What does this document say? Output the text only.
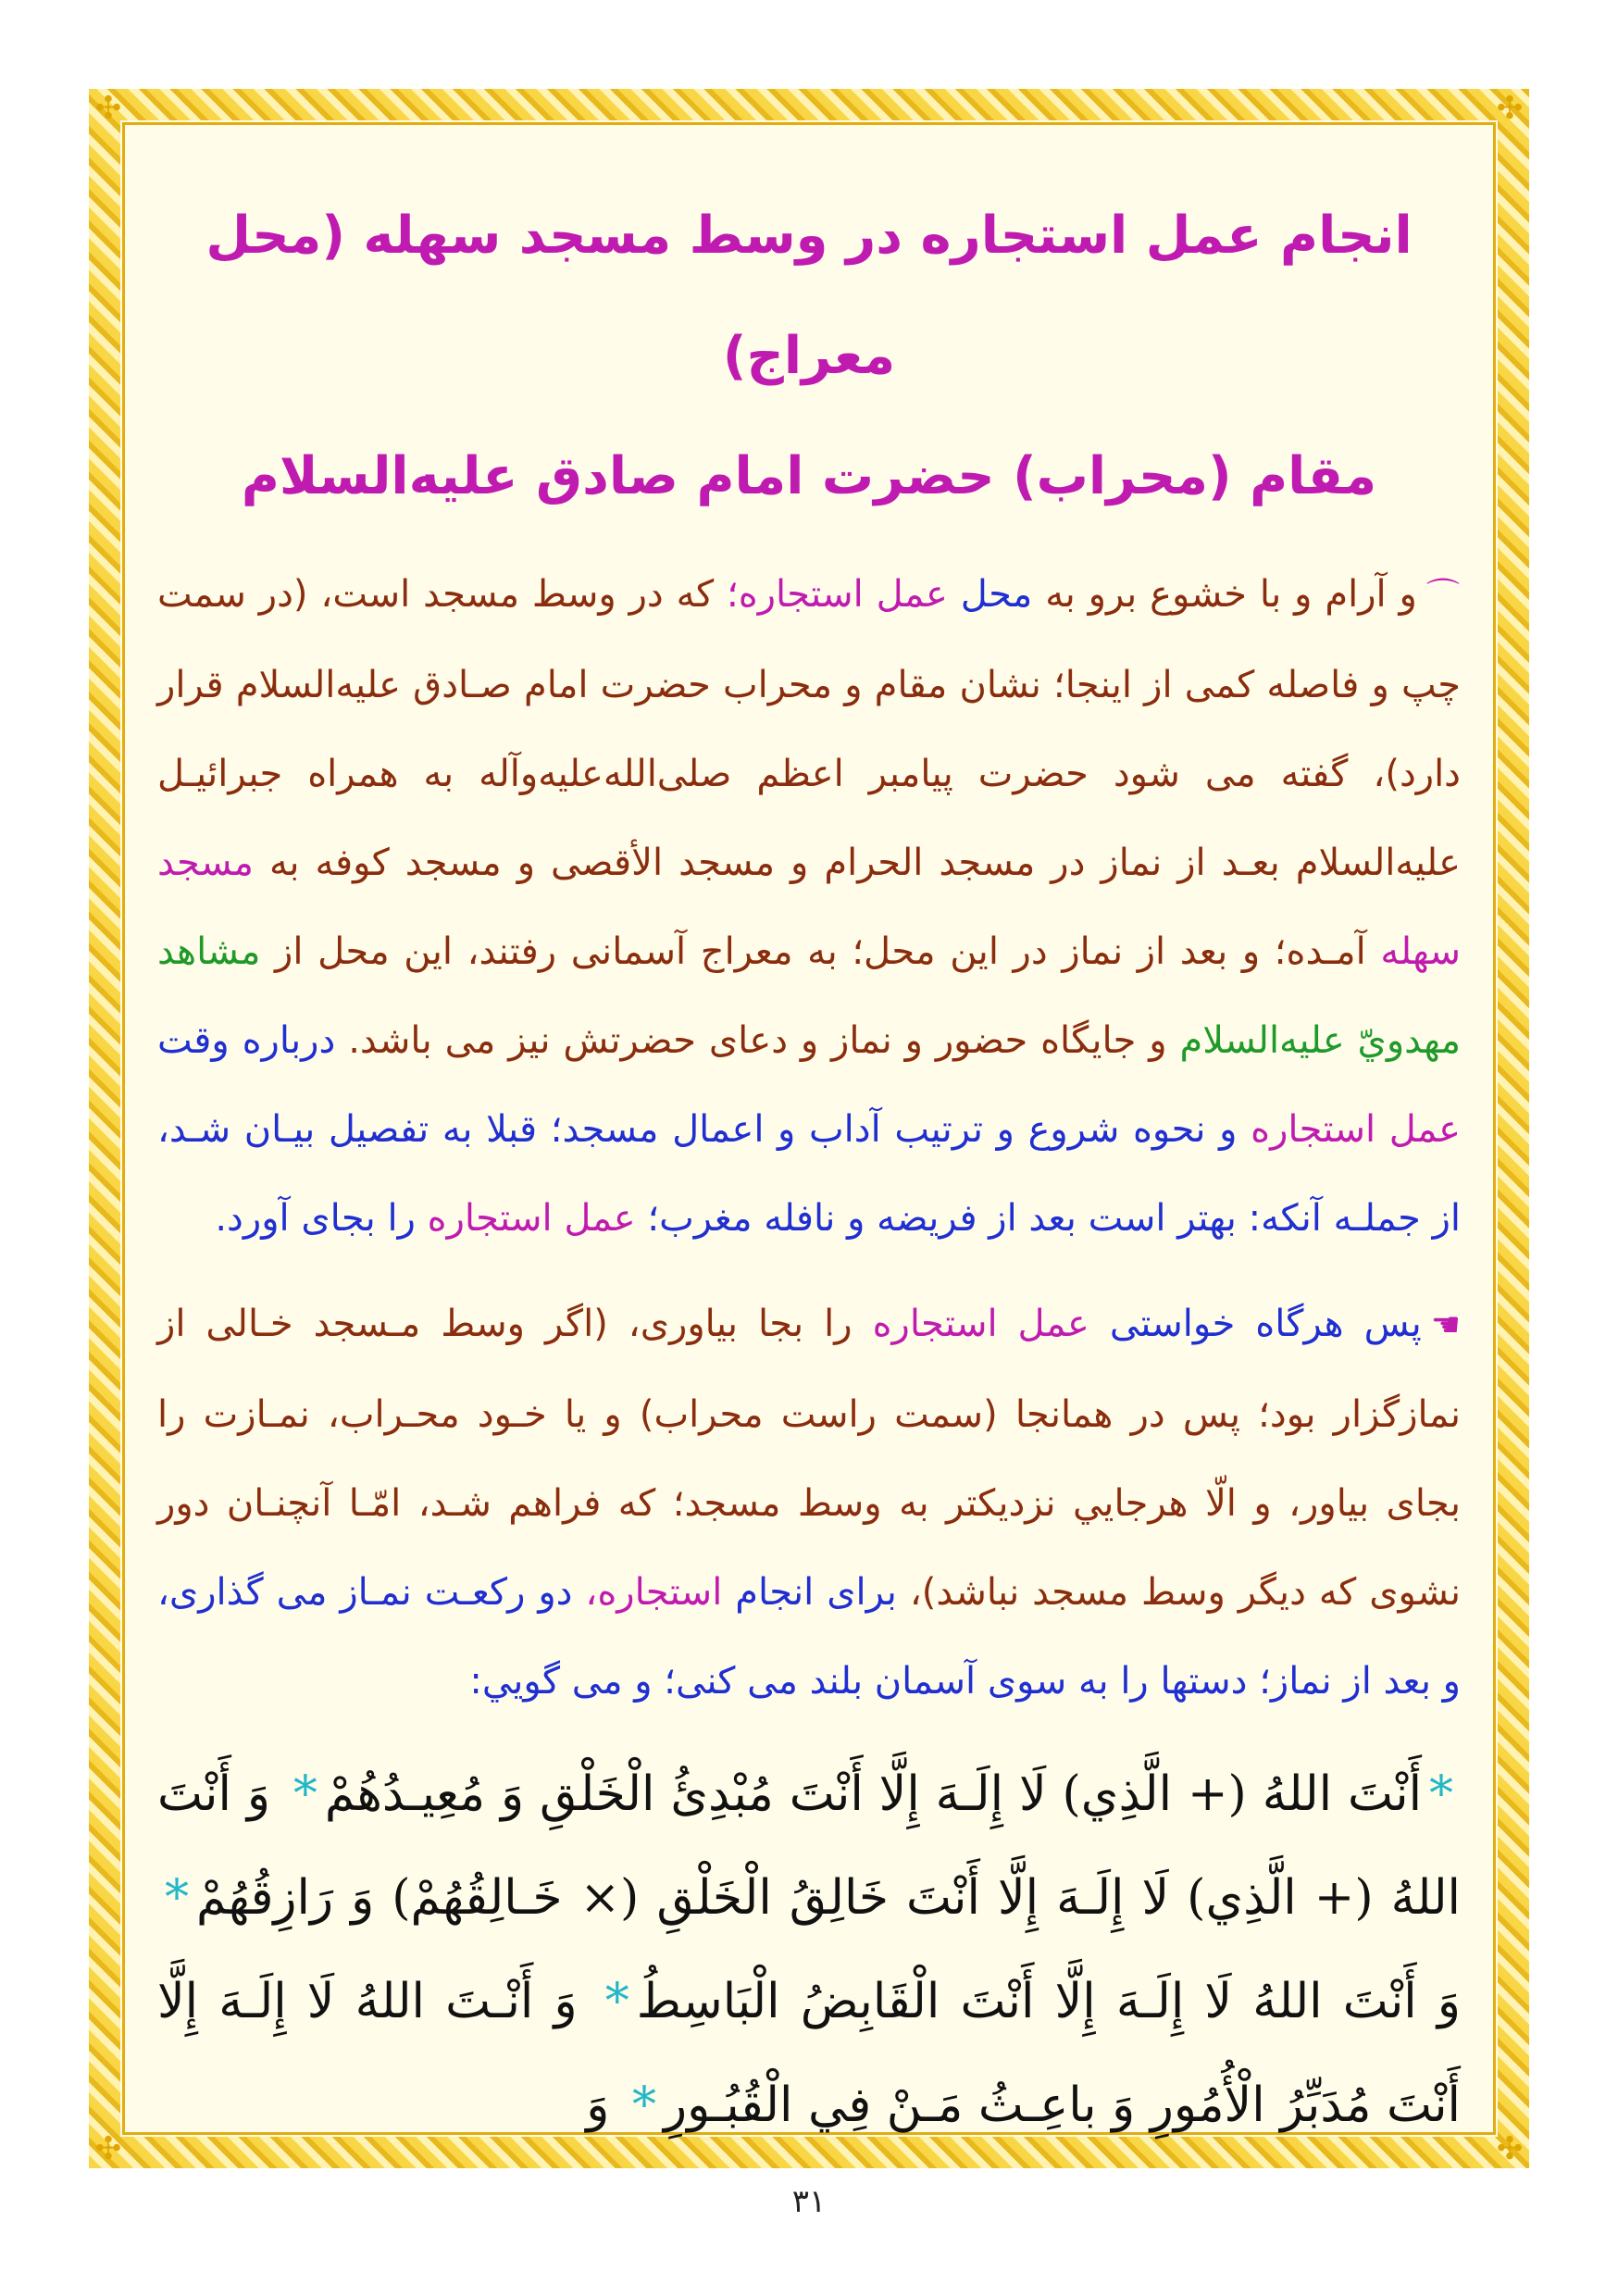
✣	✣
✣	✣
انجام عمل استجاره در وسط مسجد سهله (محل معراج)
مقام (محراب) حضرت امام صادق عليه‌السلام

⌒و آرام و با خشوع برو به محل عمل استجاره؛ که در وسط مسجد است، (در سمت چپ و فاصله کمی از اینجا؛ نشان مقام و محراب حضرت امام صـادق عليه‌السلام قرار دارد)، گفته می شود حضرت پیامبر اعظم صلى‌الله‌عليه‌وآله به همراه جبرائیـل عليه‌السلام بعـد از نماز در مسجد الحرام و مسجد الأقصى و مسجد کوفه به مسجد سهله آمـده؛ و بعد از نماز در این محل؛ به معراج آسمانی رفتند، این محل از مشاهد مهدويّ عليه‌السلام و جایگاه حضور و نماز و دعای حضرتش نیز می باشد. درباره وقت عمل استجاره و نحوه شروع و ترتیب آداب و اعمال مسجد؛ قبلا به تفصیل بیـان شـد، از جملـه آنکه: بهتر است بعد از فریضه و نافله مغرب؛ عمل استجاره را بجای آورد.

☚پس هرگاه خواستی عمل استجاره را بجا بیاوری، (اگر وسط مـسجد خـالی از نمازگزار بود؛ پس در همانجا (سمت راست محراب) و یا خـود محـراب، نمـازت را بجای بیاور، و الّا هرجايي نزديکتر به وسط مسجد؛ که فراهم شـد، امّـا آنچنـان دور نشوی که دیگر وسط مسجد نباشد)، برای انجام استجاره، دو رکعـت نمـاز می گذاری، و بعد از نماز؛ دستها را به سوی آسمان بلند می کنی؛ و می گويي:

*أَنْتَ اللهُ (+ الَّذِي) لَا إِلَـهَ إِلَّا أَنْتَ مُبْدِئُ الْخَلْقِ وَ مُعِيـدُهُمْ* وَ أَنْتَ اللهُ (+ الَّذِي) لَا إِلَـهَ إِلَّا أَنْتَ خَالِقُ الْخَلْقِ (× خَـالِقُهُمْ) وَ رَازِقُهُمْ* وَ أَنْتَ اللهُ لَا إِلَـهَ إِلَّا أَنْتَ الْقَابِضُ الْبَاسِطُ* وَ أَنْـتَ اللهُ لَا إِلَـهَ إِلَّا أَنْتَ مُدَبِّرُ الْأُمُورِ وَ باعِـثُ مَـنْ فِي الْقُبُـورِ* وَ

٣١
